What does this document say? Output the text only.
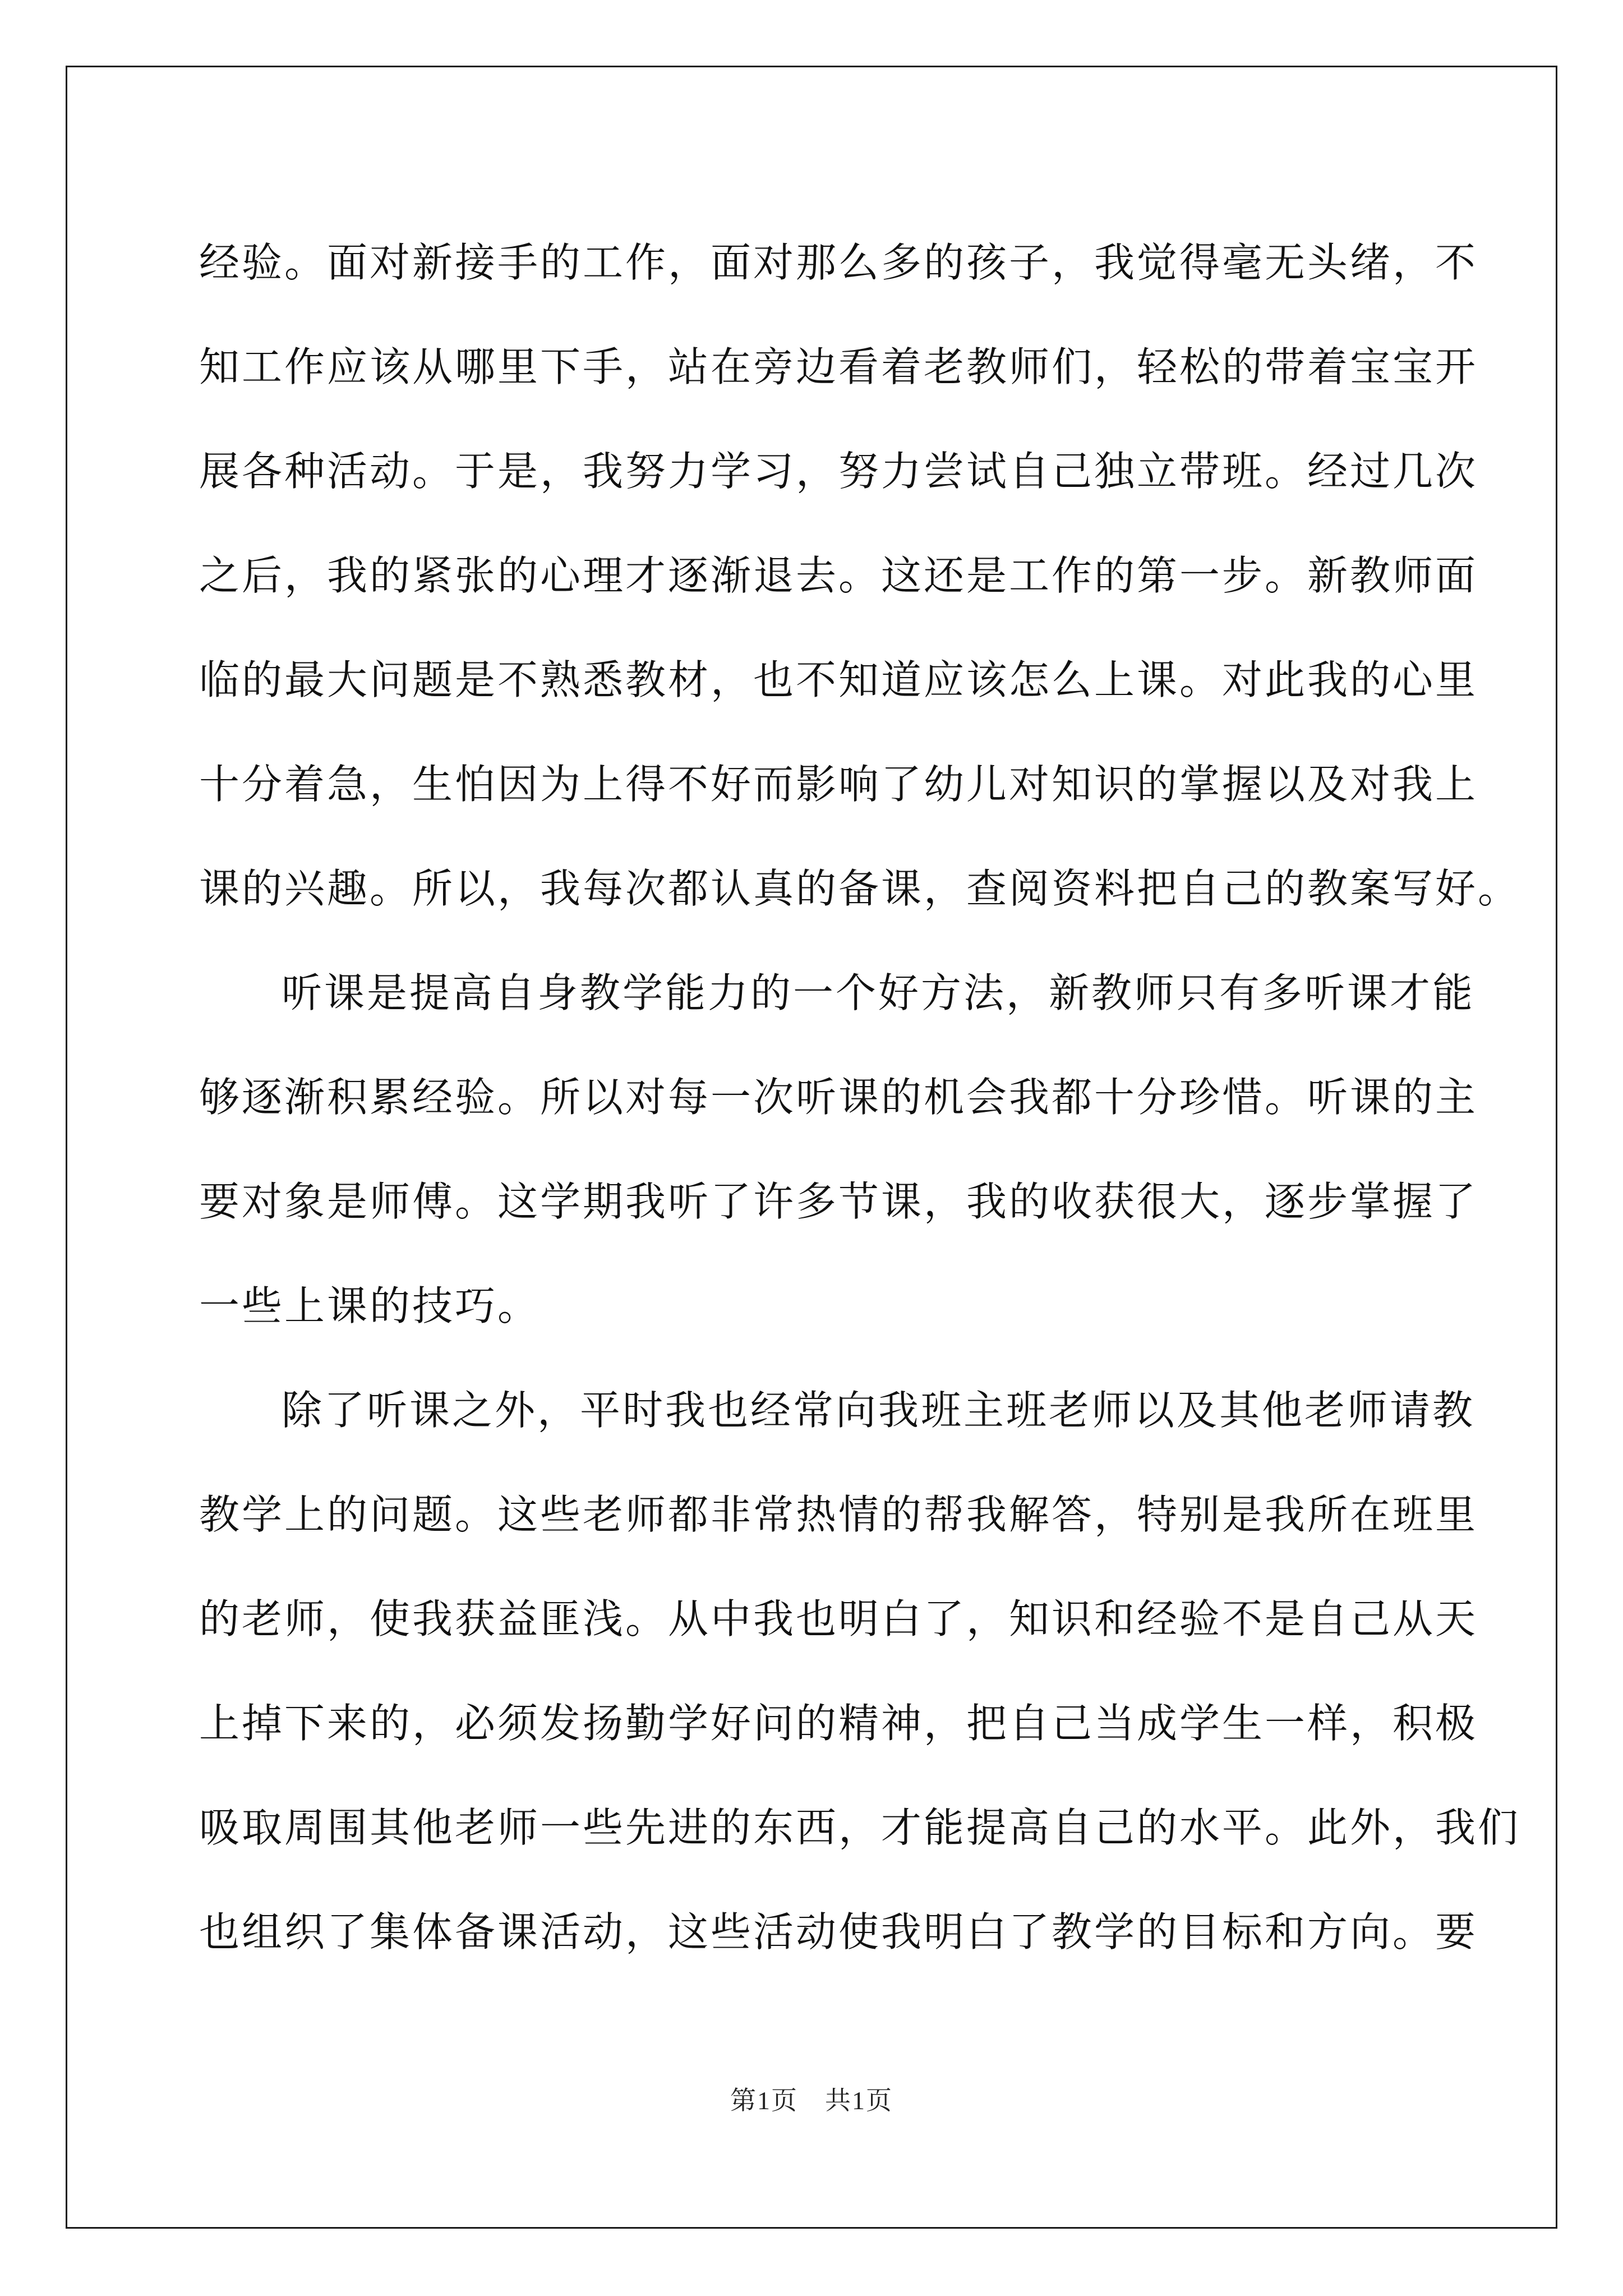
经验。面对新接手的工作，面对那么多的孩子，我觉得毫无头绪，不
知工作应该从哪里下手，站在旁边看着老教师们，轻松的带着宝宝开
展各种活动。于是，我努力学习，努力尝试自己独立带班。经过几次
之后，我的紧张的心理才逐渐退去。这还是工作的第一步。新教师面
临的最大问题是不熟悉教材，也不知道应该怎么上课。对此我的心里
十分着急，生怕因为上得不好而影响了幼儿对知识的掌握以及对我上
课的兴趣。所以，我每次都认真的备课，查阅资料把自己的教案写好。
听课是提高自身教学能力的一个好方法，新教师只有多听课才能
够逐渐积累经验。所以对每一次听课的机会我都十分珍惜。听课的主
要对象是师傅。这学期我听了许多节课，我的收获很大，逐步掌握了
一些上课的技巧。
除了听课之外，平时我也经常向我班主班老师以及其他老师请教
教学上的问题。这些老师都非常热情的帮我解答，特别是我所在班里
的老师，使我获益匪浅。从中我也明白了，知识和经验不是自己从天
上掉下来的，必须发扬勤学好问的精神，把自己当成学生一样，积极
吸取周围其他老师一些先进的东西，才能提高自己的水平。此外，我们
也组织了集体备课活动，这些活动使我明白了教学的目标和方向。要
第1页　共1页
